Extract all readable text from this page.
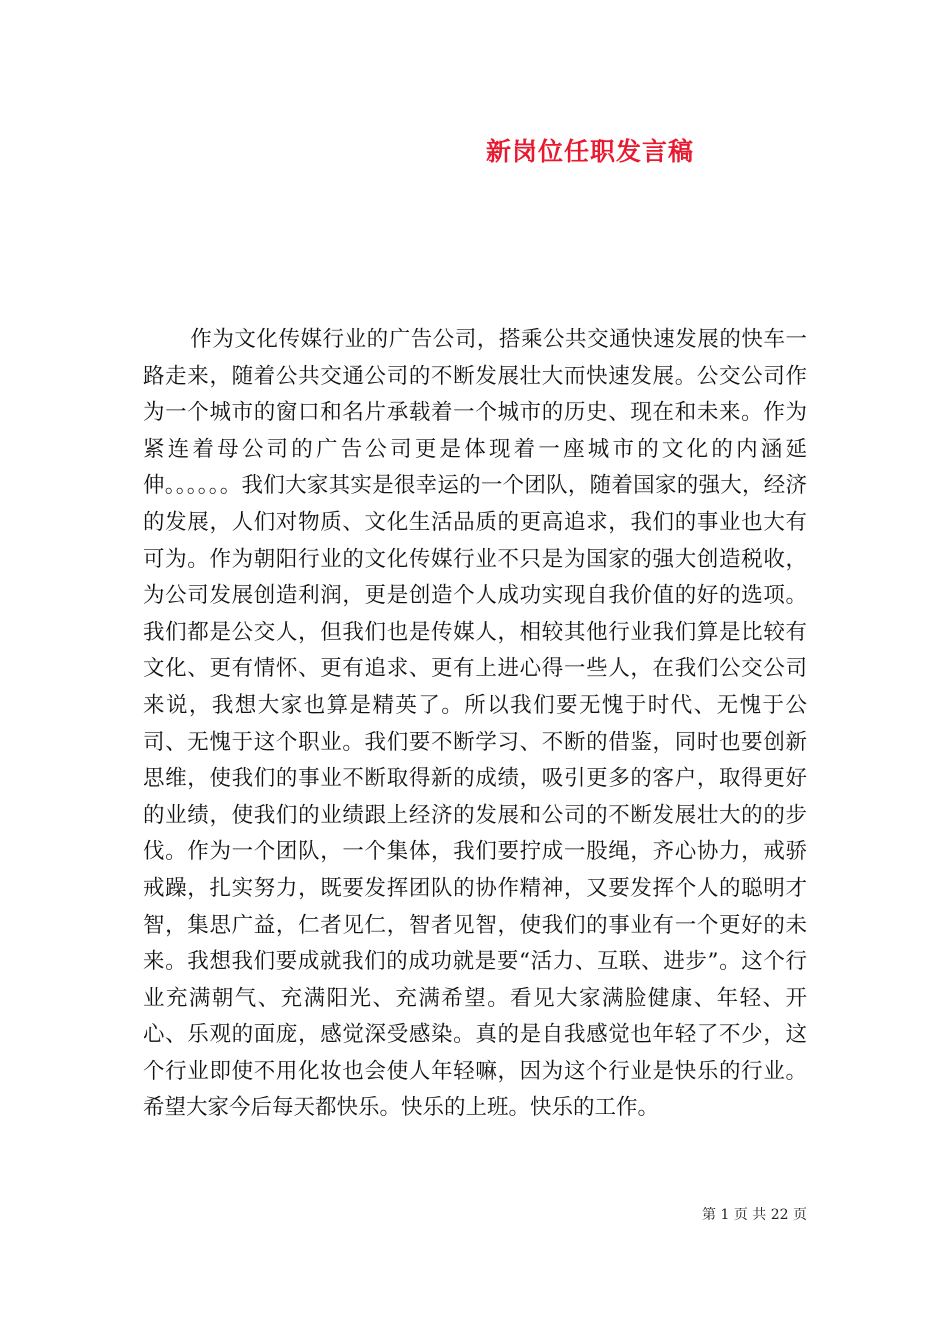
新岗位任职发言稿

作为文化传媒行业的广告公司，搭乘公共交通快速发展的快车一路走来，随着公共交通公司的不断发展壮大而快速发展。公交公司作为一个城市的窗口和名片承载着一个城市的历史、现在和未来。作为紧连着母公司的广告公司更是体现着一座城市的文化的内涵延伸。。。。。。我们大家其实是很幸运的一个团队，随着国家的强大，经济的发展，人们对物质、文化生活品质的更高追求，我们的事业也大有可为。作为朝阳行业的文化传媒行业不只是为国家的强大创造税收，为公司发展创造利润，更是创造个人成功实现自我价值的好的选项。我们都是公交人，但我们也是传媒人，相较其他行业我们算是比较有文化、更有情怀、更有追求、更有上进心得一些人，在我们公交公司来说，我想大家也算是精英了。所以我们要无愧于时代、无愧于公司、无愧于这个职业。我们要不断学习、不断的借鉴，同时也要创新思维，使我们的事业不断取得新的成绩，吸引更多的客户，取得更好的业绩，使我们的业绩跟上经济的发展和公司的不断发展壮大的的步伐。作为一个团队，一个集体，我们要拧成一股绳，齐心协力，戒骄戒躁，扎实努力，既要发挥团队的协作精神，又要发挥个人的聪明才智，集思广益，仁者见仁，智者见智，使我们的事业有一个更好的未来。我想我们要成就我们的成功就是要“活力、互联、进步”。这个行业充满朝气、充满阳光、充满希望。看见大家满脸健康、年轻、开心、乐观的面庞，感觉深受感染。真的是自我感觉也年轻了不少，这个行业即使不用化妆也会使人年轻嘛，因为这个行业是快乐的行业。希望大家今后每天都快乐。快乐的上班。快乐的工作。

第 1 页 共 22 页
